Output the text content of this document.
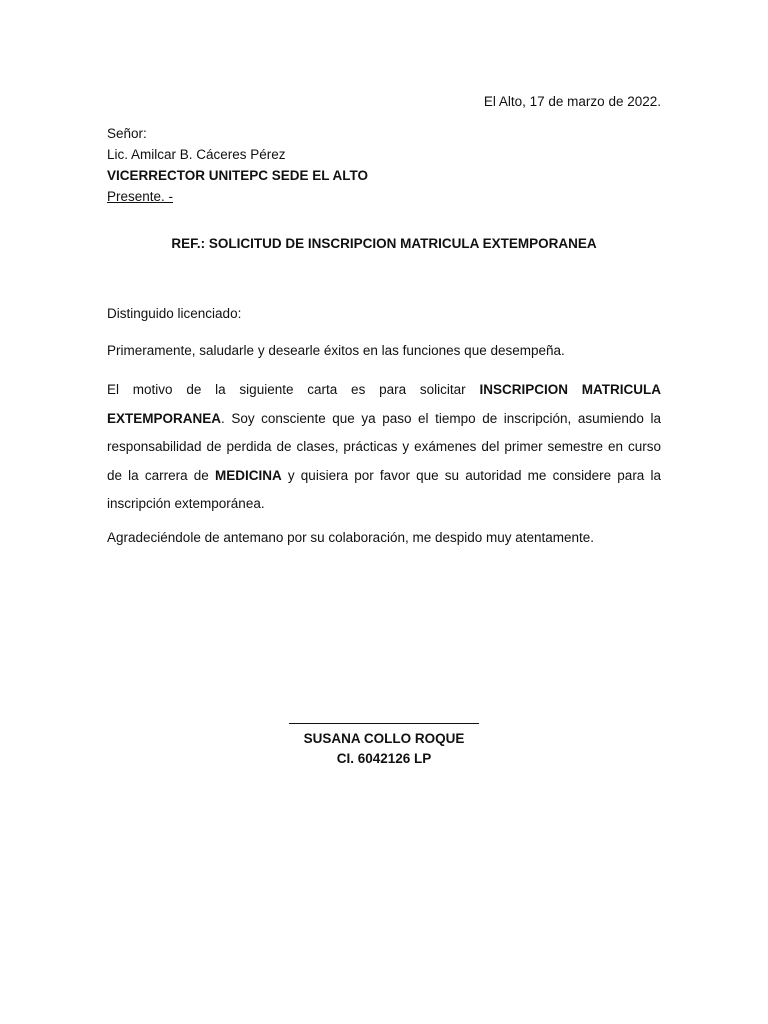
El Alto, 17 de marzo de 2022.
Señor:
Lic. Amilcar B. Cáceres Pérez
VICERRECTOR UNITEPC SEDE EL ALTO
Presente. -
REF.: SOLICITUD DE INSCRIPCION MATRICULA EXTEMPORANEA

Distinguido licenciado:

Primeramente, saludarle y desearle éxitos en las funciones que desempeña.

El motivo de la siguiente carta es para solicitar INSCRIPCION MATRICULA EXTEMPORANEA. Soy consciente que ya paso el tiempo de inscripción, asumiendo la responsabilidad de perdida de clases, prácticas y exámenes del primer semestre en curso de la carrera de MEDICINA y quisiera por favor que su autoridad me considere para la inscripción extemporánea.

Agradeciéndole de antemano por su colaboración, me despido muy atentamente.

SUSANA COLLO ROQUE
CI. 6042126 LP
